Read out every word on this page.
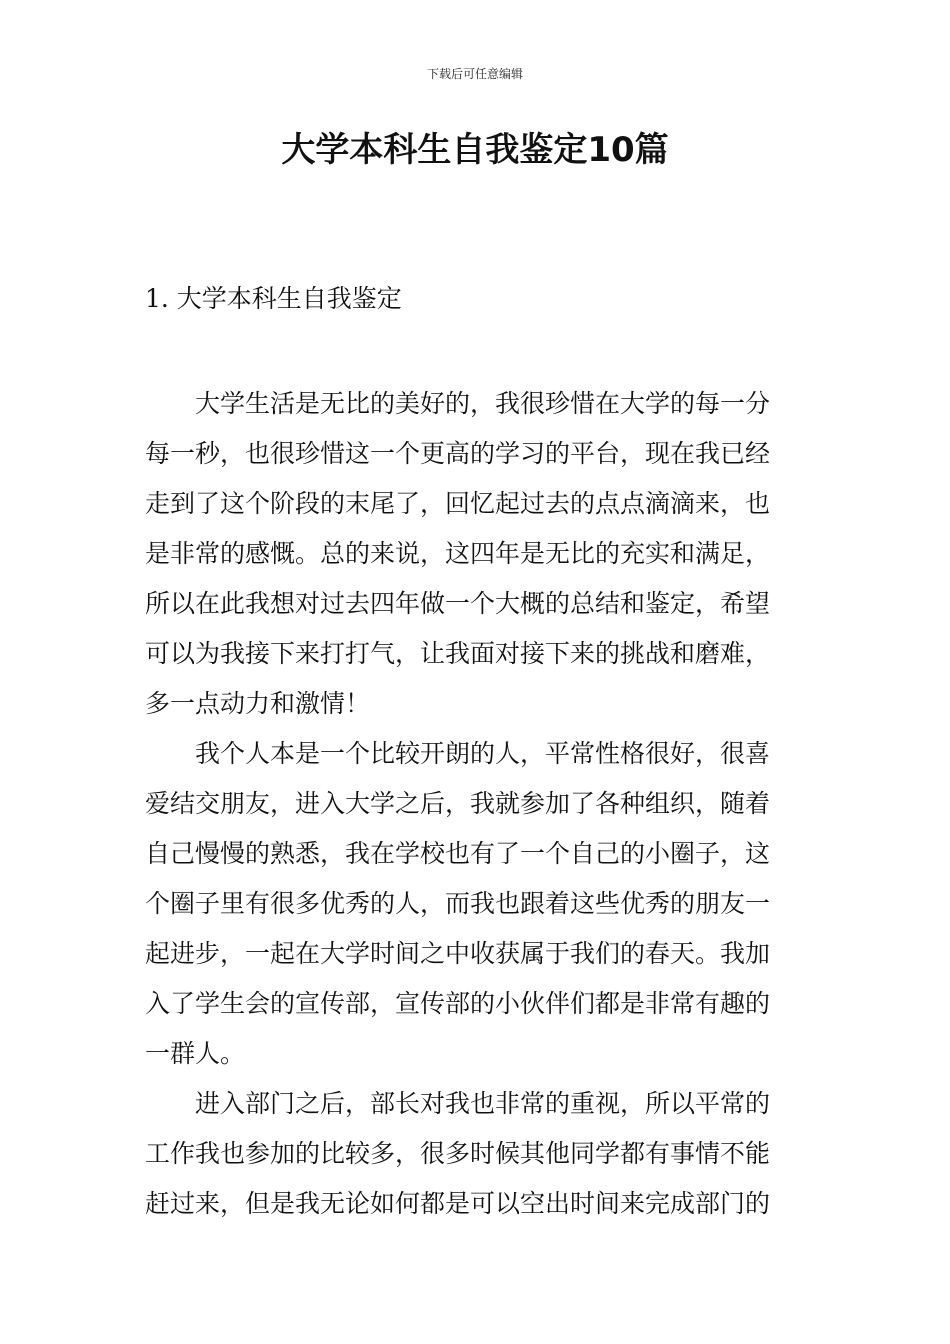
下载后可任意编辑
大学本科生自我鉴定10篇
1. 大学本科生自我鉴定

　　大学生活是无比的美好的，我很珍惜在大学的每一分
每一秒，也很珍惜这一个更高的学习的平台，现在我已经
走到了这个阶段的末尾了，回忆起过去的点点滴滴来，也
是非常的感慨。总的来说，这四年是无比的充实和满足，
所以在此我想对过去四年做一个大概的总结和鉴定，希望
可以为我接下来打打气，让我面对接下来的挑战和磨难，
多一点动力和激情！

　　我个人本是一个比较开朗的人，平常性格很好，很喜
爱结交朋友，进入大学之后，我就参加了各种组织，随着
自己慢慢的熟悉，我在学校也有了一个自己的小圈子，这
个圈子里有很多优秀的人，而我也跟着这些优秀的朋友一
起进步，一起在大学时间之中收获属于我们的春天。我加
入了学生会的宣传部，宣传部的小伙伴们都是非常有趣的
一群人。

　　进入部门之后，部长对我也非常的重视，所以平常的
工作我也参加的比较多，很多时候其他同学都有事情不能
赶过来，但是我无论如何都是可以空出时间来完成部门的
